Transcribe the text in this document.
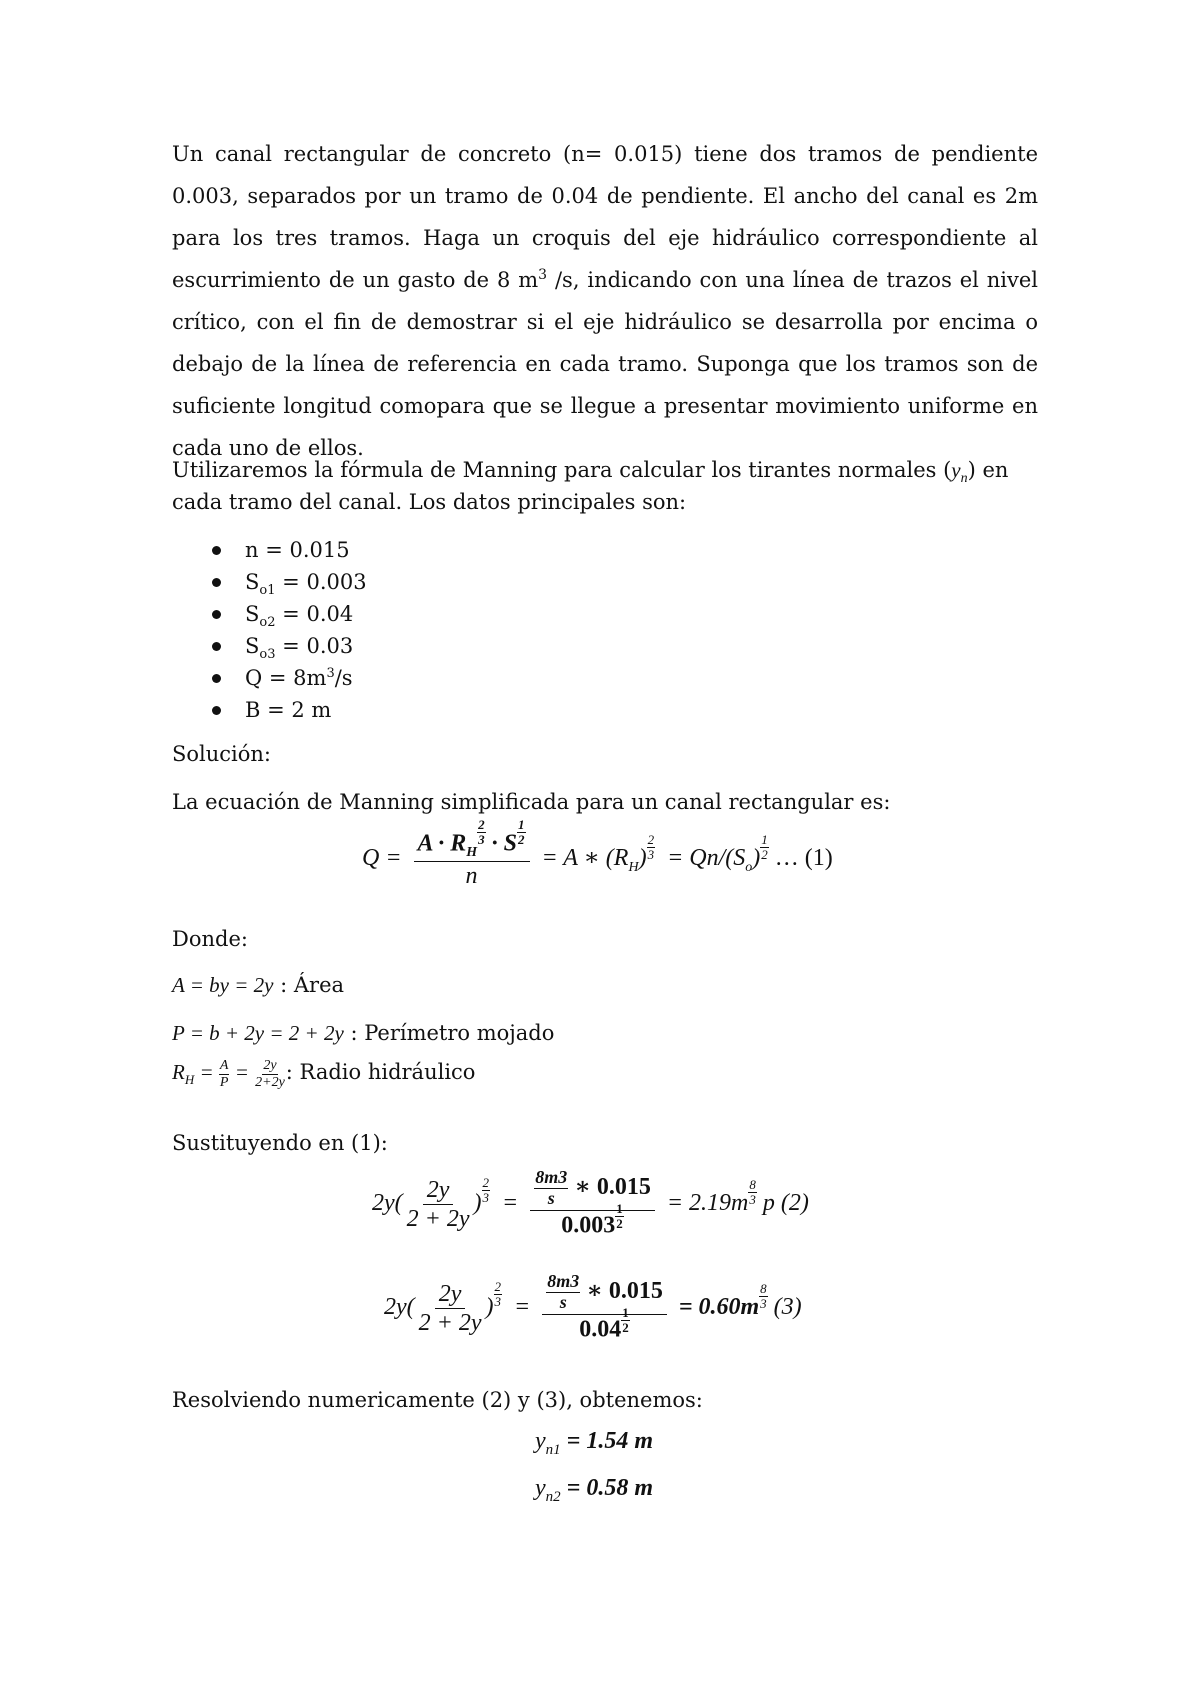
Un canal rectangular de concreto (n= 0.015) tiene dos tramos de pendiente 0.003, separados por un tramo de 0.04 de pendiente. El ancho del canal es 2m para los tres tramos. Haga un croquis del eje hidráulico correspondiente al escurrimiento de un gasto de 8 $m^3$ /s, indicando con una línea de trazos el nivel crítico, con el fin de demostrar si el eje hidráulico se desarrolla por encima o debajo de la línea de referencia en cada tramo. Suponga que los tramos son de suficiente longitud comopara que se llegue a presentar movimiento uniforme en cada uno de ellos.

Utilizaremos la fórmula de Manning para calcular los tirantes normales $(y_n)$ en cada tramo del canal. Los datos principales son:

n = 0.015
$S_{o1} = 0.003$
$S_{o2} = 0.04$
$S_{o3} = 0.03$
$Q = 8m^3/s$
B = 2 m
Solución:
La ecuación de Manning simplificada para un canal rectangular es:
$Q = A \cdot R_H$
$\frac{2}{3} \cdot S \frac{1}{2}$
n = A ∗ $(R_H) \frac{2}{3} = Qn/(S_o) \frac{1}{2}$ … (1)
Donde:
A = by = 2y : Área
P = b + 2y = 2 + 2y : Perímetro mojado
$R_H = \frac{A}{P} = \frac{2y}{2+2y}$ : Radio hidráulico
Sustituyendo en (1):
$2y( \frac{2y}{2 + 2y}$ ) $\frac{2}{3} = \frac{\frac{8m3}{s} ∗ 0.015}{0.003 \frac{1}{2}} = 2.19m \frac{8}{3}$ p (2)
$2y( \frac{2y}{2 + 2y}$ ) $\frac{2}{3} = \frac{\frac{8m3}{s} ∗ 0.015}{0.04 \frac{1}{2}} = 0.60m \frac{8}{3} (3)$
Resolviendo numericamente (2) y (3), obtenemos:
$y_{n1} = 1.54$ m
$y_{n2} = 0.58$ m
